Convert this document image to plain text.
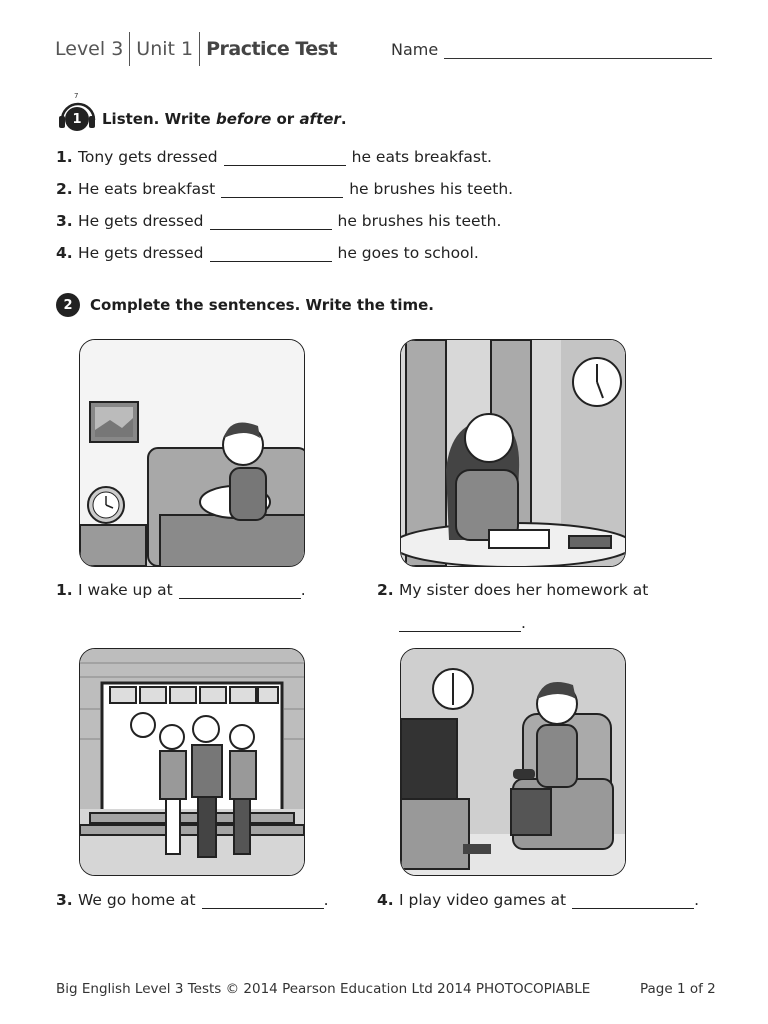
Level 3 Unit 1 Practice Test	Name
7
1	Listen. Write before or after.
1. Tony gets dressed	he eats breakfast.
2. He eats breakfast	he brushes his teeth.
3. He gets dressed	he brushes his teeth.
4. He gets dressed	he goes to school.
2	Complete the sentences. Write the time.
1. I wake up at	.	2. My sister does her homework at
.
3. We go home at	.	4. I play video games at	.
Big English Level 3 Tests © 2014 Pearson Education Ltd 2014 PHOTOCOPIABLE	Page 1 of 2
